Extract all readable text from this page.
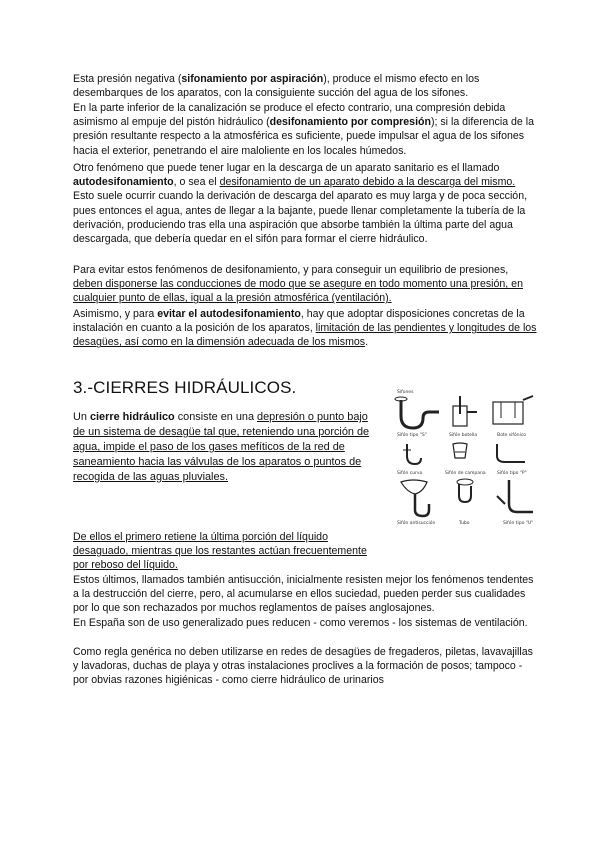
Esta presión negativa (sifonamiento por aspiración), produce el mismo efecto en los desembarques de los aparatos, con la consiguiente succión del agua de los sifones.

En la parte inferior de la canalización se produce el efecto contrario, una compresión debida asimismo al empuje del pistón hidráulico (desifonamiento por compresión); si la diferencia de la presión resultante respecto a la atmosférica es suficiente, puede impulsar el agua de los sifones hacia el exterior, penetrando el aire maloliente en los locales húmedos.

Otro fenómeno que puede tener lugar en la descarga de un aparato sanitario es el llamado autodesifonamiento, o sea el desifonamiento de un aparato debido a la descarga del mismo. Esto suele ocurrir cuando la derivación de descarga del aparato es muy larga y de poca sección, pues entonces el agua, antes de llegar a la bajante, puede llenar completamente la tubería de la derivación, produciendo tras ella una aspiración que absorbe también la última parte del agua descargada, que debería quedar en el sifón para formar el cierre hidráulico.

Para evitar estos fenómenos de desifonamiento, y para conseguir un equilibrio de presiones, deben disponerse las conducciones de modo que se asegure en todo momento una presión, en cualquier punto de ellas, igual a la presión atmosférica (ventilación).

Asimismo, y para evitar el autodesifonamiento, hay que adoptar disposiciones concretas de la instalación en cuanto a la posición de los aparatos, limitación de las pendientes y longitudes de los desagües, así como en la dimensión adecuada de los mismos.

3.-CIERRES HIDRÁULICOS.

Un cierre hidráulico consiste en una depresión o punto bajo de un sistema de desagüe tal que, reteniendo una porción de agua, impide el paso de los gases mefíticos de la red de saneamiento hacia las válvulas de los aparatos o puntos de recogida de las aguas pluviales.

Sifones
Sifón tipo "S"	Sifón botella	Bote sifónico
Sifón curvo	Sifón de campana	Sifón tipo "P"
Sifón antisucción	Tubo	Sifón tipo "U"

De ellos el primero retiene la última porción del líquido desaguado, mientras que los restantes actúan frecuentemente por reboso del líquido.

Estos últimos, llamados también antisucción, inicialmente resisten mejor los fenómenos tendentes a la destrucción del cierre, pero, al acumularse en ellos suciedad, pueden perder sus cualidades por lo que son rechazados por muchos reglamentos de países anglosajones.

En España son de uso generalizado pues reducen - como veremos - los sistemas de ventilación.

Como regla genérica no deben utilizarse en redes de desagües de fregaderos, piletas, lavavajillas y lavadoras, duchas de playa y otras instalaciones proclives a la formación de posos; tampoco - por obvias razones higiénicas - como cierre hidráulico de urinarios
